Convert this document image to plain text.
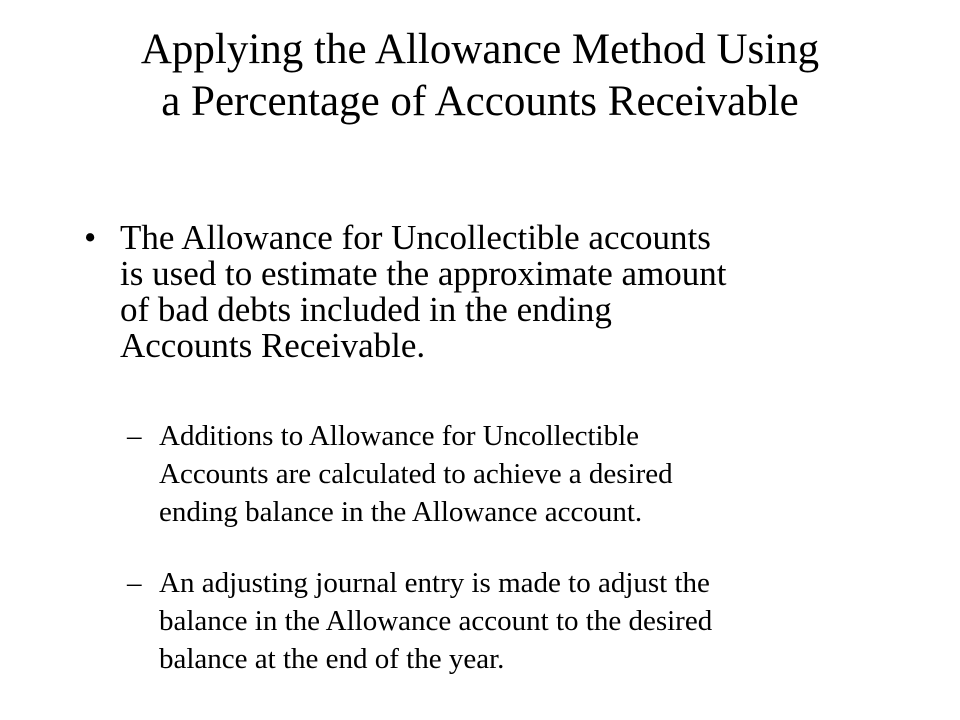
Applying the Allowance Method Using
a Percentage of Accounts Receivable
• The Allowance for Uncollectible accounts
is used to estimate the approximate amount
of bad debts included in the ending
Accounts Receivable.
– Additions to Allowance for Uncollectible
Accounts are calculated to achieve a desired
ending balance in the Allowance account.
– An adjusting journal entry is made to adjust the
balance in the Allowance account to the desired
balance at the end of the year.
